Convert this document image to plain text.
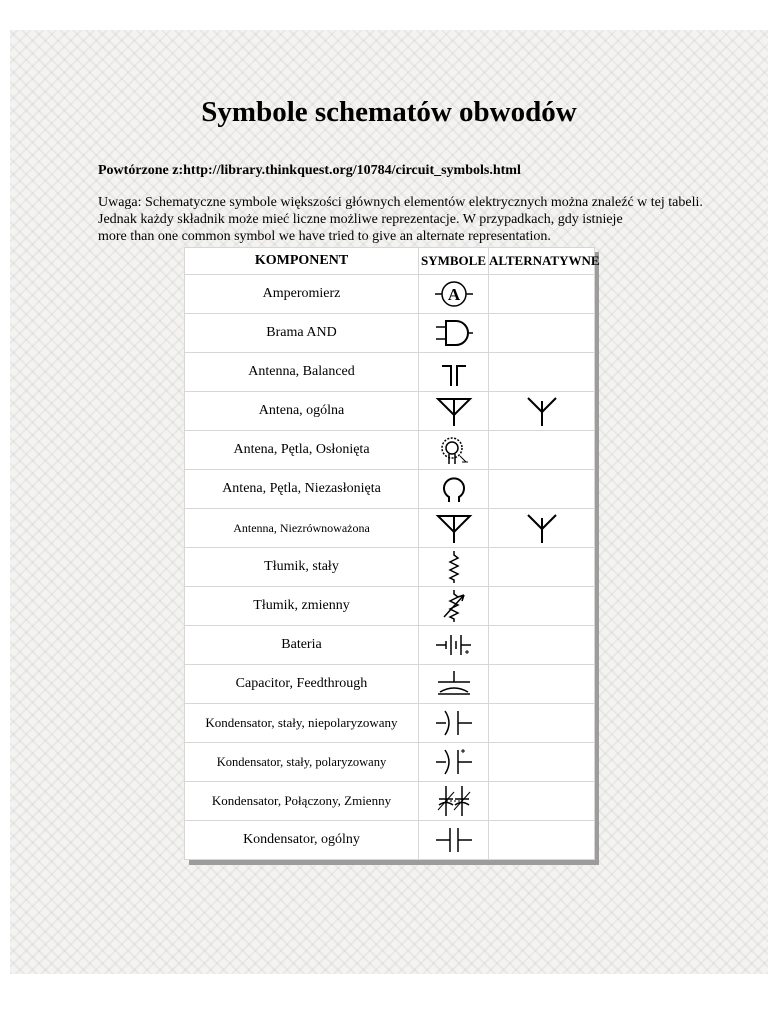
Symbole schematów obwodów
Powtórzone z:http://library.thinkquest.org/10784/circuit_symbols.html
Uwaga: Schematyczne symbole większości głównych elementów elektrycznych można znaleźć w tej tabeli.
Jednak każdy składnik może mieć liczne możliwe reprezentacje. W przypadkach, gdy istnieje
more than one common symbol we have tried to give an alternate representation.
KOMPONENT	SYMBOLE	ALTERNATYWNE
Amperomierz	A	

Brama AND	

Antenna, Balanced	

Antena, ogólna	

Antena, Pętla, Osłonięta	

Antena, Pętla, Niezasłonięta	

Antenna, Niezrównoważona	

Tłumik, stały	

Tłumik, zmienny	

Bateria	

Capacitor, Feedthrough	

Kondensator, stały, niepolaryzowany	

Kondensator, stały, polaryzowany	

Kondensator, Połączony, Zmienny	

Kondensator, ogólny	
